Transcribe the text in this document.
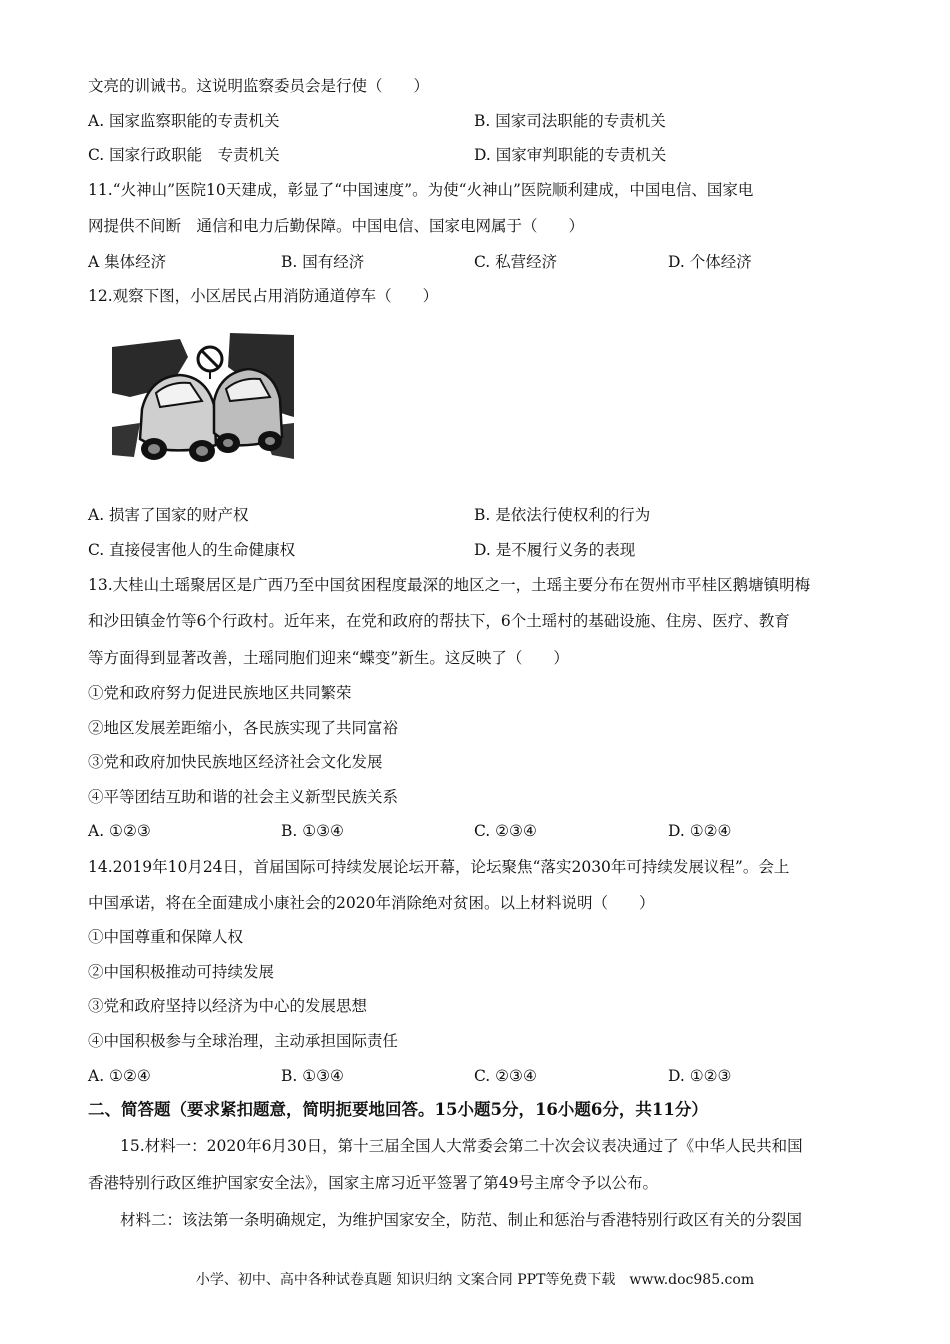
文亮的训诫书。这说明监察委员会是行使（　　）
A. 国家监察职能的专责机关	B. 国家司法职能的专责机关
C. 国家行政职能　专责机关	D. 国家审判职能的专责机关
11.“火神山”医院10天建成，彰显了“中国速度”。为使“火神山”医院顺利建成，中国电信、国家电
网提供不间断　通信和电力后勤保障。中国电信、国家电网属于（　　）
A 集体经济	B. 国有经济	C. 私营经济	D. 个体经济
12.观察下图，小区居民占用消防通道停车（　　）
A. 损害了国家的财产权	B. 是依法行使权利的行为
C. 直接侵害他人的生命健康权	D. 是不履行义务的表现
13.大桂山土瑶聚居区是广西乃至中国贫困程度最深的地区之一，土瑶主要分布在贺州市平桂区鹅塘镇明梅
和沙田镇金竹等6个行政村。近年来，在党和政府的帮扶下，6个土瑶村的基础设施、住房、医疗、教育
等方面得到显著改善，土瑶同胞们迎来“蝶变”新生。这反映了（　　）
①党和政府努力促进民族地区共同繁荣
②地区发展差距缩小，各民族实现了共同富裕
③党和政府加快民族地区经济社会文化发展
④平等团结互助和谐的社会主义新型民族关系
A. ①②③	B. ①③④	C. ②③④	D. ①②④
14.2019年10月24日，首届国际可持续发展论坛开幕，论坛聚焦“落实2030年可持续发展议程”。会上
中国承诺，将在全面建成小康社会的2020年消除绝对贫困。以上材料说明（　　）
①中国尊重和保障人权
②中国积极推动可持续发展
③党和政府坚持以经济为中心的发展思想
④中国积极参与全球治理，主动承担国际责任
A. ①②④	B. ①③④	C. ②③④	D. ①②③
二、简答题（要求紧扣题意，简明扼要地回答。15小题5分，16小题6分，共11分）
15.材料一：2020年6月30日，第十三届全国人大常委会第二十次会议表决通过了《中华人民共和国
香港特别行政区维护国家安全法》，国家主席习近平签署了第49号主席令予以公布。
材料二：该法第一条明确规定，为维护国家安全，防范、制止和惩治与香港特别行政区有关的分裂国
小学、初中、高中各种试卷真题 知识归纳 文案合同 PPT等免费下载　www.doc985.com
